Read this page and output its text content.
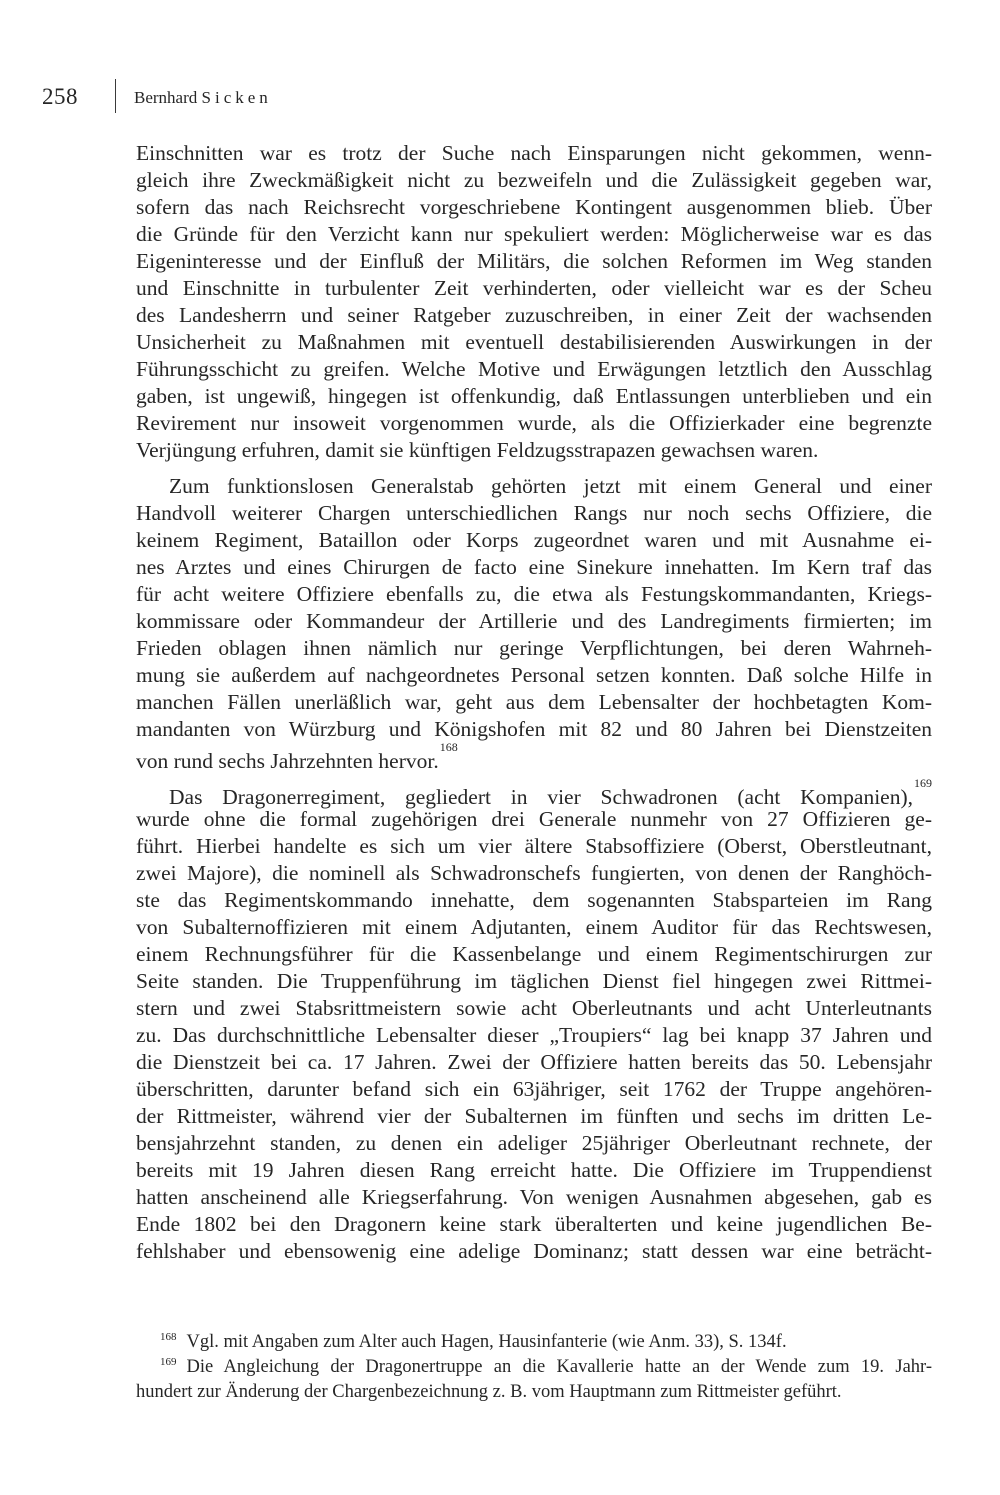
258	Bernhard Sicken
Einschnitten war es trotz der Suche nach Einsparungen nicht gekommen, wenn-
gleich ihre Zweckmäßigkeit nicht zu bezweifeln und die Zulässigkeit gegeben war,
sofern das nach Reichsrecht vorgeschriebene Kontingent ausgenommen blieb. Über
die Gründe für den Verzicht kann nur spekuliert werden: Möglicherweise war es das
Eigeninteresse und der Einfluß der Militärs, die solchen Reformen im Weg standen
und Einschnitte in turbulenter Zeit verhinderten, oder vielleicht war es der Scheu
des Landesherrn und seiner Ratgeber zuzuschreiben, in einer Zeit der wachsenden
Unsicherheit zu Maßnahmen mit eventuell destabilisierenden Auswirkungen in der
Führungsschicht zu greifen. Welche Motive und Erwägungen letztlich den Ausschlag
gaben, ist ungewiß, hingegen ist offenkundig, daß Entlassungen unterblieben und ein
Revirement nur insoweit vorgenommen wurde, als die Offizierkader eine begrenzte
Verjüngung erfuhren, damit sie künftigen Feldzugsstrapazen gewachsen waren.
Zum funktionslosen Generalstab gehörten jetzt mit einem General und einer
Handvoll weiterer Chargen unterschiedlichen Rangs nur noch sechs Offiziere, die
keinem Regiment, Bataillon oder Korps zugeordnet waren und mit Ausnahme ei-
nes Arztes und eines Chirurgen de facto eine Sinekure innehatten. Im Kern traf das
für acht weitere Offiziere ebenfalls zu, die etwa als Festungskommandanten, Kriegs-
kommissare oder Kommandeur der Artillerie und des Landregiments firmierten; im
Frieden oblagen ihnen nämlich nur geringe Verpflichtungen, bei deren Wahrneh-
mung sie außerdem auf nachgeordnetes Personal setzen konnten. Daß solche Hilfe in
manchen Fällen unerläßlich war, geht aus dem Lebensalter der hochbetagten Kom-
mandanten von Würzburg und Königshofen mit 82 und 80 Jahren bei Dienstzeiten
von rund sechs Jahrzehnten hervor.$^{168}$
Das Dragonerregiment, gegliedert in vier Schwadronen (acht Kompanien),$^{169}$
wurde ohne die formal zugehörigen drei Generale nunmehr von 27 Offizieren ge-
führt. Hierbei handelte es sich um vier ältere Stabsoffiziere (Oberst, Oberstleutnant,
zwei Majore), die nominell als Schwadronschefs fungierten, von denen der Ranghöch-
ste das Regimentskommando innehatte, dem sogenannten Stabsparteien im Rang
von Subalternoffizieren mit einem Adjutanten, einem Auditor für das Rechtswesen,
einem Rechnungsführer für die Kassenbelange und einem Regimentschirurgen zur
Seite standen. Die Truppenführung im täglichen Dienst fiel hingegen zwei Rittmei-
stern und zwei Stabsrittmeistern sowie acht Oberleutnants und acht Unterleutnants
zu. Das durchschnittliche Lebensalter dieser „Troupiers“ lag bei knapp 37 Jahren und
die Dienstzeit bei ca. 17 Jahren. Zwei der Offiziere hatten bereits das 50. Lebensjahr
überschritten, darunter befand sich ein 63jähriger, seit 1762 der Truppe angehören-
der Rittmeister, während vier der Subalternen im fünften und sechs im dritten Le-
bensjahrzehnt standen, zu denen ein adeliger 25jähriger Oberleutnant rechnete, der
bereits mit 19 Jahren diesen Rang erreicht hatte. Die Offiziere im Truppendienst
hatten anscheinend alle Kriegserfahrung. Von wenigen Ausnahmen abgesehen, gab es
Ende 1802 bei den Dragonern keine stark überalterten und keine jugendlichen Be-
fehlshaber und ebensowenig eine adelige Dominanz; statt dessen war eine beträcht-
$^{168}$ Vgl. mit Angaben zum Alter auch Hagen, Hausinfanterie (wie Anm. 33), S. 134f.
$^{169}$ Die Angleichung der Dragonertruppe an die Kavallerie hatte an der Wende zum 19. Jahr-
hundert zur Änderung der Chargenbezeichnung z. B. vom Hauptmann zum Rittmeister geführt.
